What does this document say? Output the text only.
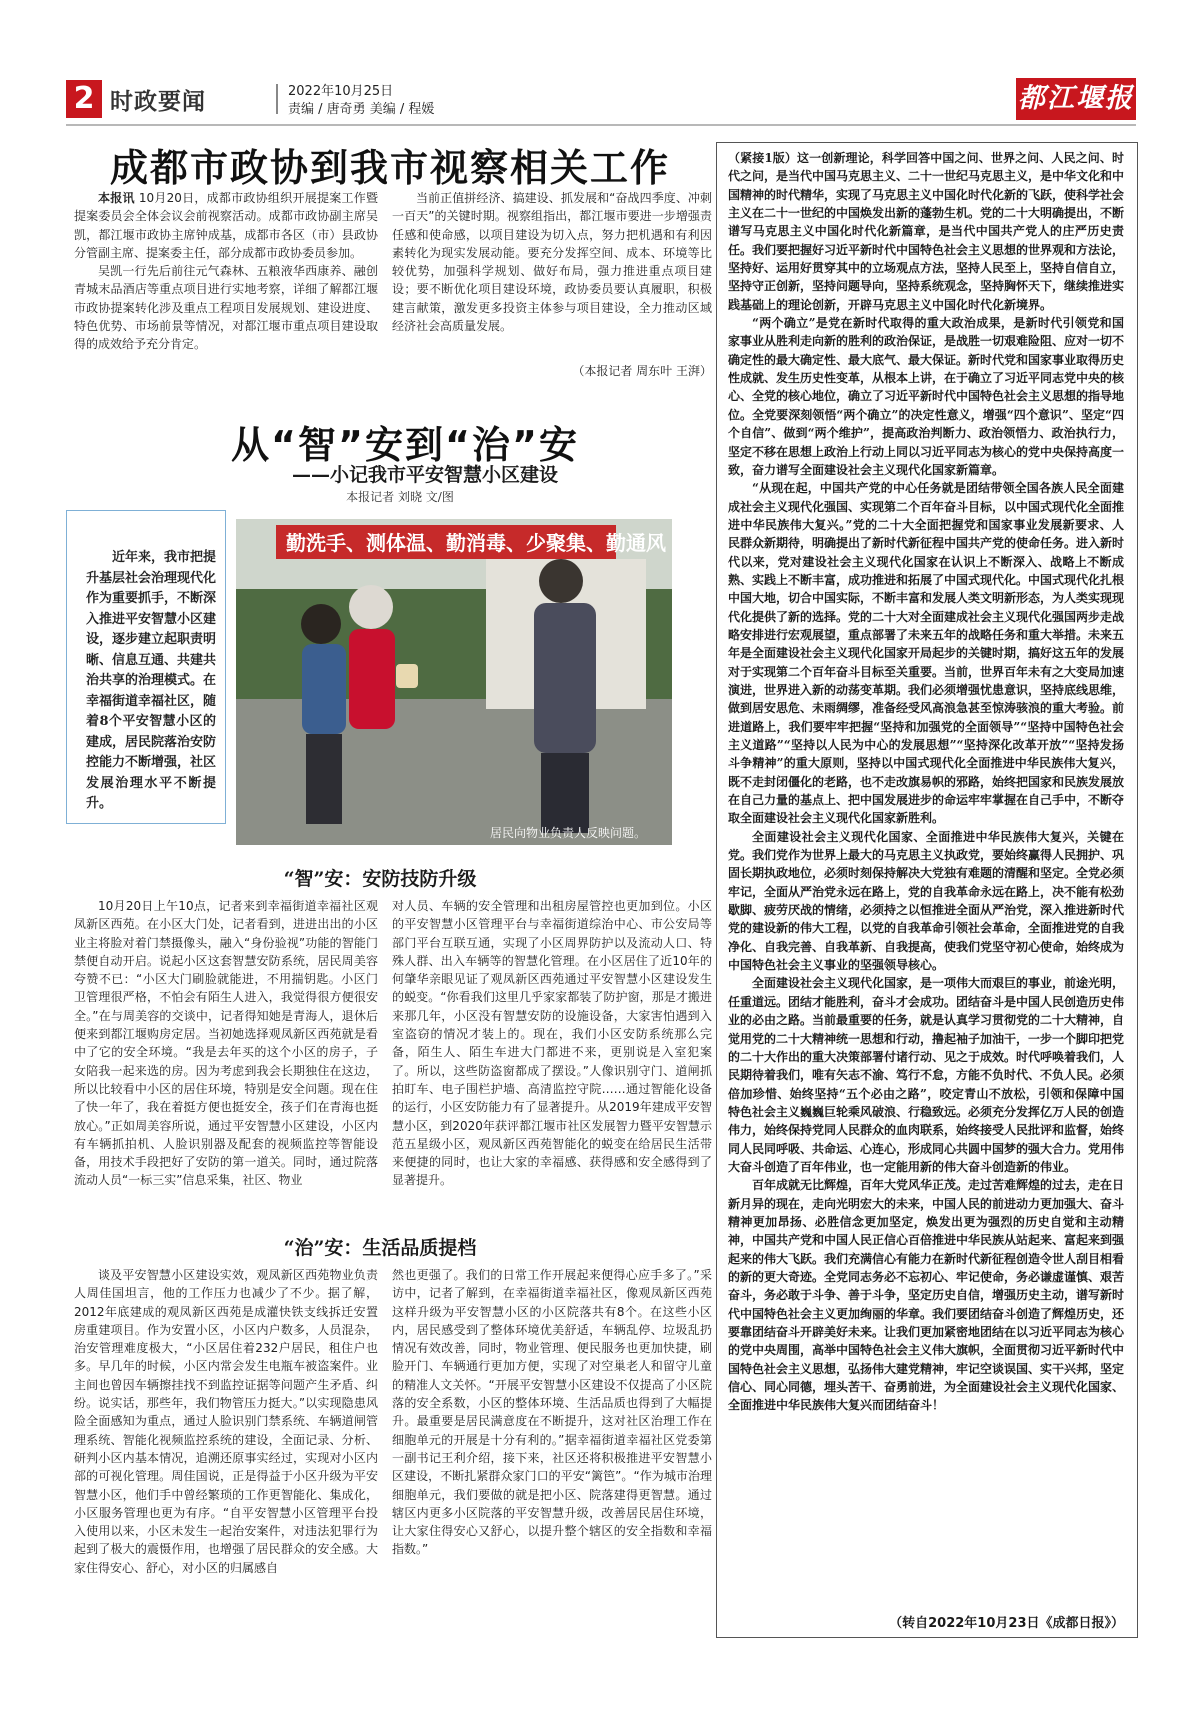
2 时政要闻	2022年10月25日
责编 / 唐奇勇 美编 / 程媛	都江堰报
成都市政协到我市视察相关工作

本报讯 10月20日，成都市政协组织开展提案工作暨提案委员会全体会议会前视察活动。成都市政协副主席吴凯，都江堰市政协主席钟成基，成都市各区（市）县政协分管副主席、提案委主任，部分成都市政协委员参加。

吴凯一行先后前往元气森林、五粮液华西康养、融创青城末品酒店等重点项目进行实地考察，详细了解都江堰市政协提案转化涉及重点工程项目发展规划、建设进度、特色优势、市场前景等情况，对都江堰市重点项目建设取得的成效给予充分肯定。

当前正值拼经济、搞建设、抓发展和“奋战四季度、冲刺一百天”的关键时期。视察组指出，都江堰市要进一步增强责任感和使命感，以项目建设为切入点，努力把机遇和有利因素转化为现实发展动能。要充分发挥空间、成本、环境等比较优势，加强科学规划、做好布局，强力推进重点项目建设；要不断优化项目建设环境，政协委员要认真履职，积极建言献策，激发更多投资主体参与项目建设，全力推动区域经济社会高质量发展。

（本报记者 周东叶 王湃）
从“智”安到“治”安
——小记我市平安智慧小区建设
本报记者 刘晓 文/图

近年来，我市把提升基层社会治理现代化作为重要抓手，不断深入推进平安智慧小区建设，逐步建立起职责明晰、信息互通、共建共治共享的治理模式。在幸福街道幸福社区，随着8个平安智慧小区的建成，居民院落治安防控能力不断增强，社区发展治理水平不断提升。

勤洗手、测体温、勤消毒、少聚集、勤通风
居民向物业负责人反映问题。
“智”安：安防技防升级

10月20日上午10点，记者来到幸福街道幸福社区观凤新区西苑。在小区大门处，记者看到，进进出出的小区业主将脸对着门禁摄像头，融入“身份验视”功能的智能门禁便自动开启。说起小区这套智慧安防系统，居民周美容夸赞不已：“小区大门刷脸就能进，不用揣钥匙。小区门卫管理很严格，不怕会有陌生人进入，我觉得很方便很安全。”在与周美容的交谈中，记者得知她是青海人，退休后便来到都江堰购房定居。当初她选择观凤新区西苑就是看中了它的安全环境。“我是去年买的这个小区的房子，子女陪我一起来选的房。因为考虑到我会长期独住在这边，所以比较看中小区的居住环境，特别是安全问题。现在住了快一年了，我在着挺方便也挺安全，孩子们在青海也挺放心。”正如周美容所说，通过平安智慧小区建设，小区内有车辆抓拍机、人脸识别器及配套的视频监控等智能设备，用技术手段把好了安防的第一道关。同时，通过院落流动人员“一标三实”信息采集，社区、物业

对人员、车辆的安全管理和出租房屋管控也更加到位。小区的平安智慧小区管理平台与幸福街道综治中心、市公安局等部门平台互联互通，实现了小区周界防护以及流动人口、特殊人群、出入车辆等的智慧化管理。在小区居住了近10年的何肇华亲眼见证了观凤新区西苑通过平安智慧小区建设发生的蜕变。“你看我们这里几乎家家都装了防护窗，那是才搬进来那几年，小区没有智慧安防的设施设备，大家害怕遇到入室盗窃的情况才装上的。现在，我们小区安防系统那么完备，陌生人、陌生车进大门都进不来，更别说是入室犯案了。所以，这些防盗窗都成了摆设。”人像识别守门、道闸抓拍盯车、电子围栏护墙、高清监控守院……通过智能化设备的运行，小区安防能力有了显著提升。从2019年建成平安智慧小区，到2020年获评都江堰市社区发展智力暨平安智慧示范五星级小区，观凤新区西苑智能化的蜕变在给居民生活带来便捷的同时，也让大家的幸福感、获得感和安全感得到了显著提升。

“治”安：生活品质提档

谈及平安智慧小区建设实效，观凤新区西苑物业负责人周佳国坦言，他的工作压力也减少了不少。据了解，2012年底建成的观凤新区西苑是成灌快铁支线拆迁安置房重建项目。作为安置小区，小区内户数多，人员混杂，治安管理难度极大，“小区居住着232户居民，租住户也多。早几年的时候，小区内常会发生电瓶车被盗案件。业主间也曾因车辆擦挂找不到监控证据等问题产生矛盾、纠纷。说实话，那些年，我们物管压力挺大。”以实现隐患风险全面感知为重点，通过人脸识别门禁系统、车辆道闸管理系统、智能化视频监控系统的建设，全面记录、分析、研判小区内基本情况，追溯还原事实经过，实现对小区内部的可视化管理。周佳国说，正是得益于小区升级为平安智慧小区，他们手中曾经繁琐的工作更智能化、集成化，小区服务管理也更为有序。“自平安智慧小区管理平台投入使用以来，小区未发生一起治安案件，对违法犯罪行为起到了极大的震慑作用，也增强了居民群众的安全感。大家住得安心、舒心，对小区的归属感自

然也更强了。我们的日常工作开展起来便得心应手多了。”采访中，记者了解到，在幸福街道幸福社区，像观凤新区西苑这样升级为平安智慧小区的小区院落共有8个。在这些小区内，居民感受到了整体环境优美舒适，车辆乱停、垃圾乱扔情况有效改善，同时，物业管理、便民服务也更加快捷，刷脸开门、车辆通行更加方便，实现了对空巢老人和留守儿童的精准人文关怀。“开展平安智慧小区建设不仅提高了小区院落的安全系数，小区的整体环境、生活品质也得到了大幅提升。最重要是居民满意度在不断提升，这对社区治理工作在细胞单元的开展是十分有利的。”据幸福街道幸福社区党委第一副书记王利介绍，接下来，社区还将积极推进平安智慧小区建设，不断扎紧群众家门口的平安“篱笆”。“作为城市治理细胞单元，我们要做的就是把小区、院落建得更智慧。通过辖区内更多小区院落的平安智慧升级，改善居民居住环境，让大家住得安心又舒心，以提升整个辖区的安全指数和幸福指数。”

（紧接1版）这一创新理论，科学回答中国之问、世界之问、人民之问、时代之问，是当代中国马克思主义、二十一世纪马克思主义，是中华文化和中国精神的时代精华，实现了马克思主义中国化时代化新的飞跃，使科学社会主义在二十一世纪的中国焕发出新的蓬勃生机。党的二十大明确提出，不断谱写马克思主义中国化时代化新篇章，是当代中国共产党人的庄严历史责任。我们要把握好习近平新时代中国特色社会主义思想的世界观和方法论，坚持好、运用好贯穿其中的立场观点方法，坚持人民至上，坚持自信自立，坚持守正创新，坚持问题导向，坚持系统观念，坚持胸怀天下，继续推进实践基础上的理论创新，开辟马克思主义中国化时代化新境界。

“两个确立”是党在新时代取得的重大政治成果，是新时代引领党和国家事业从胜利走向新的胜利的政治保证，是战胜一切艰难险阻、应对一切不确定性的最大确定性、最大底气、最大保证。新时代党和国家事业取得历史性成就、发生历史性变革，从根本上讲，在于确立了习近平同志党中央的核心、全党的核心地位，确立了习近平新时代中国特色社会主义思想的指导地位。全党要深刻领悟“两个确立”的决定性意义，增强“四个意识”、坚定“四个自信”、做到“两个维护”，提高政治判断力、政治领悟力、政治执行力，坚定不移在思想上政治上行动上同以习近平同志为核心的党中央保持高度一致，奋力谱写全面建设社会主义现代化国家新篇章。

“从现在起，中国共产党的中心任务就是团结带领全国各族人民全面建成社会主义现代化强国、实现第二个百年奋斗目标，以中国式现代化全面推进中华民族伟大复兴。”党的二十大全面把握党和国家事业发展新要求、人民群众新期待，明确提出了新时代新征程中国共产党的使命任务。进入新时代以来，党对建设社会主义现代化国家在认识上不断深入、战略上不断成熟、实践上不断丰富，成功推进和拓展了中国式现代化。中国式现代化扎根中国大地，切合中国实际，不断丰富和发展人类文明新形态，为人类实现现代化提供了新的选择。党的二十大对全面建成社会主义现代化强国两步走战略安排进行宏观展望，重点部署了未来五年的战略任务和重大举措。未来五年是全面建设社会主义现代化国家开局起步的关键时期，搞好这五年的发展对于实现第二个百年奋斗目标至关重要。当前，世界百年未有之大变局加速演进，世界进入新的动荡变革期。我们必须增强忧患意识，坚持底线思维，做到居安思危、未雨绸缪，准备经受风高浪急甚至惊涛骇浪的重大考验。前进道路上，我们要牢牢把握“坚持和加强党的全面领导”“坚持中国特色社会主义道路”“坚持以人民为中心的发展思想”“坚持深化改革开放”“坚持发扬斗争精神”的重大原则，坚持以中国式现代化全面推进中华民族伟大复兴，既不走封闭僵化的老路，也不走改旗易帜的邪路，始终把国家和民族发展放在自己力量的基点上、把中国发展进步的命运牢牢掌握在自己手中，不断夺取全面建设社会主义现代化国家新胜利。

全面建设社会主义现代化国家、全面推进中华民族伟大复兴，关键在党。我们党作为世界上最大的马克思主义执政党，要始终赢得人民拥护、巩固长期执政地位，必须时刻保持解决大党独有难题的清醒和坚定。全党必须牢记，全面从严治党永远在路上，党的自我革命永远在路上，决不能有松劲歇脚、疲劳厌战的情绪，必须持之以恒推进全面从严治党，深入推进新时代党的建设新的伟大工程，以党的自我革命引领社会革命，全面推进党的自我净化、自我完善、自我革新、自我提高，使我们党坚守初心使命，始终成为中国特色社会主义事业的坚强领导核心。

全面建设社会主义现代化国家，是一项伟大而艰巨的事业，前途光明，任重道远。团结才能胜利，奋斗才会成功。团结奋斗是中国人民创造历史伟业的必由之路。当前最重要的任务，就是认真学习贯彻党的二十大精神，自觉用党的二十大精神统一思想和行动，撸起袖子加油干，一步一个脚印把党的二十大作出的重大决策部署付诸行动、见之于成效。时代呼唤着我们，人民期待着我们，唯有矢志不渝、笃行不怠，方能不负时代、不负人民。必须倍加珍惜、始终坚持“五个必由之路”，咬定青山不放松，引领和保障中国特色社会主义巍巍巨轮乘风破浪、行稳致远。必须充分发挥亿万人民的创造伟力，始终保持党同人民群众的血肉联系，始终接受人民批评和监督，始终同人民同呼吸、共命运、心连心，形成同心共圆中国梦的强大合力。党用伟大奋斗创造了百年伟业，也一定能用新的伟大奋斗创造新的伟业。

百年成就无比辉煌，百年大党风华正茂。走过苦难辉煌的过去，走在日新月异的现在，走向光明宏大的未来，中国人民的前进动力更加强大、奋斗精神更加昂扬、必胜信念更加坚定，焕发出更为强烈的历史自觉和主动精神，中国共产党和中国人民正信心百倍推进中华民族从站起来、富起来到强起来的伟大飞跃。我们充满信心有能力在新时代新征程创造令世人刮目相看的新的更大奇迹。全党同志务必不忘初心、牢记使命，务必谦虚谨慎、艰苦奋斗，务必敢于斗争、善于斗争，坚定历史自信，增强历史主动，谱写新时代中国特色社会主义更加绚丽的华章。我们要团结奋斗创造了辉煌历史，还要靠团结奋斗开辟美好未来。让我们更加紧密地团结在以习近平同志为核心的党中央周围，高举中国特色社会主义伟大旗帜，全面贯彻习近平新时代中国特色社会主义思想，弘扬伟大建党精神，牢记空谈误国、实干兴邦，坚定信心、同心同德，埋头苦干、奋勇前进，为全面建设社会主义现代化国家、全面推进中华民族伟大复兴而团结奋斗！

（转自2022年10月23日《成都日报》）
